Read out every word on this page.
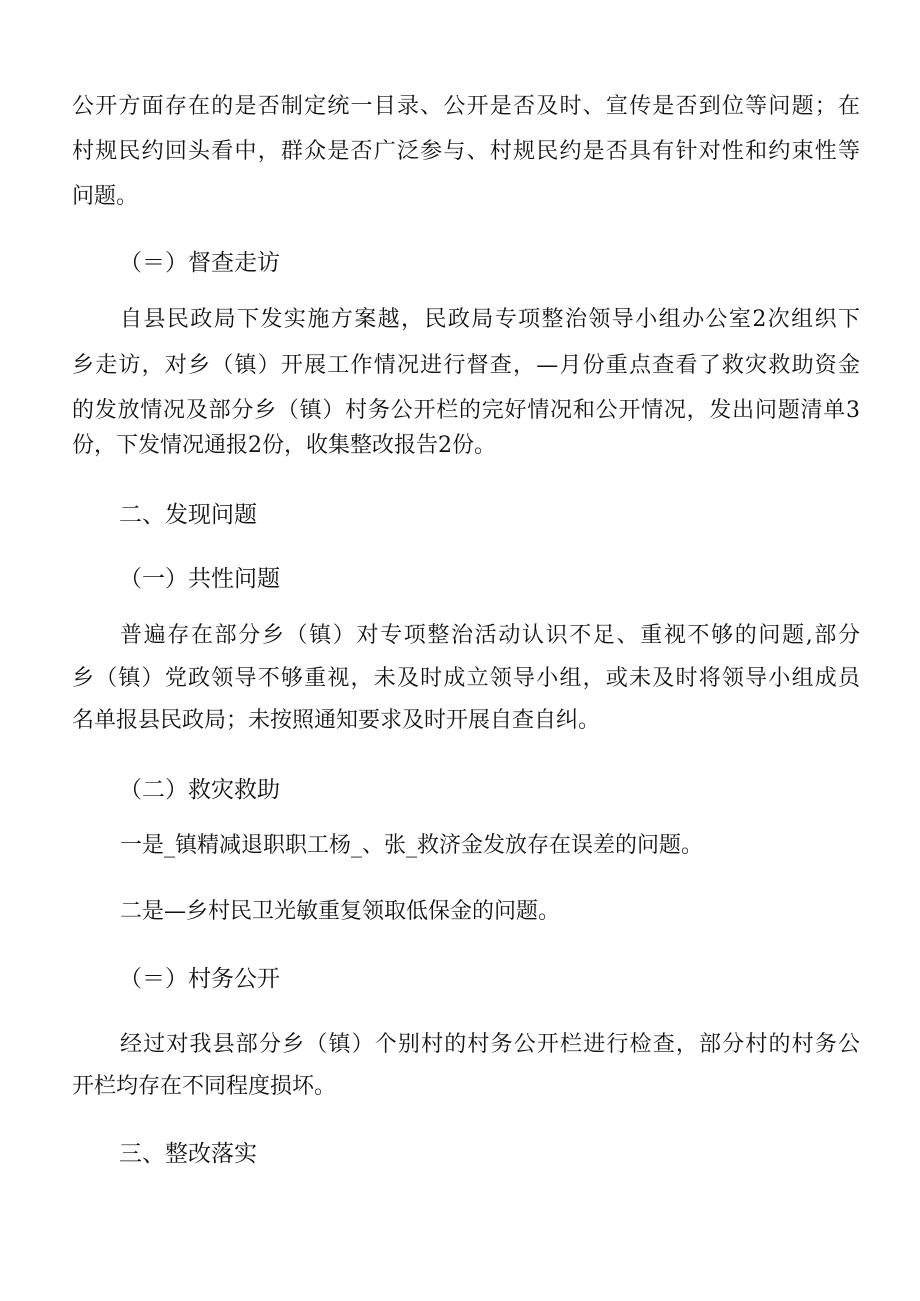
公开方面存在的是否制定统一目录、公开是否及时、宣传是否到位等问题；在
村规民约回头看中，群众是否广泛参与、村规民约是否具有针对性和约束性等
问题。
（＝）督查走访
自县民政局下发实施方案越，民政局专项整治领导小组办公室2次组织下
乡走访，对乡（镇）开展工作情况进行督查，—月份重点查看了救灾救助资金
的发放情况及部分乡（镇）村务公开栏的完好情况和公开情况，发出问题清单3
份，下发情况通报2份，收集整改报告2份。
二、发现问题
（一）共性问题
普遍存在部分乡（镇）对专项整治活动认识不足、重视不够的问题,部分
乡（镇）党政领导不够重视，未及时成立领导小组，或未及时将领导小组成员
名单报县民政局；未按照通知要求及时开展自查自纠。
（二）救灾救助
一是_镇精减退职职工杨_、张_救济金发放存在误差的问题。
二是—乡村民卫光敏重复领取低保金的问题。
（＝）村务公开
经过对我县部分乡（镇）个别村的村务公开栏进行检查，部分村的村务公
开栏均存在不同程度损坏。
三、整改落实
